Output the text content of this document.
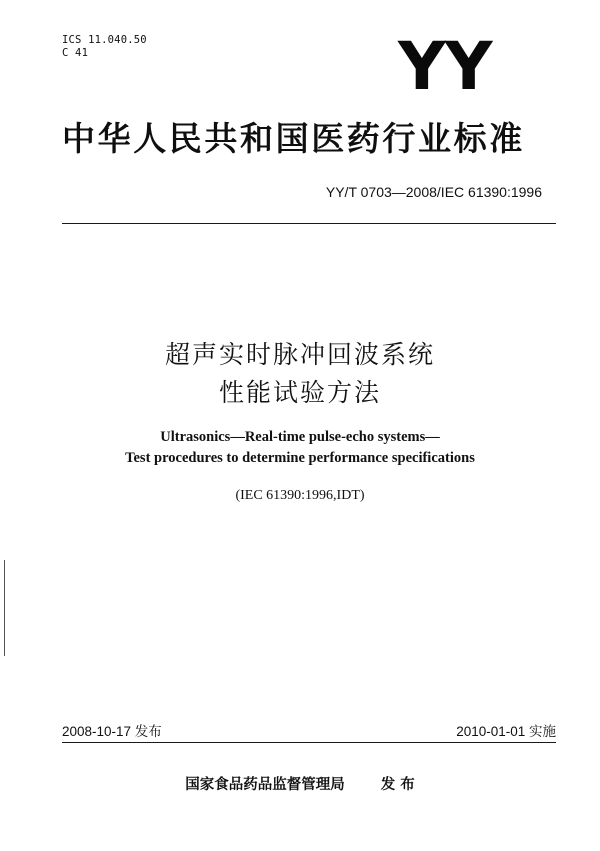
ICS 11.040.50
C 41	YY
中华人民共和国医药行业标准
YY/T 0703—2008/IEC 61390:1996
超声实时脉冲回波系统
性能试验方法
Ultrasonics—Real-time pulse-echo systems—
Test procedures to determine performance specifications
(IEC 61390:1996,IDT)
2008-10-17 发布	2010-01-01 实施
国家食品药品监督管理局 发 布
